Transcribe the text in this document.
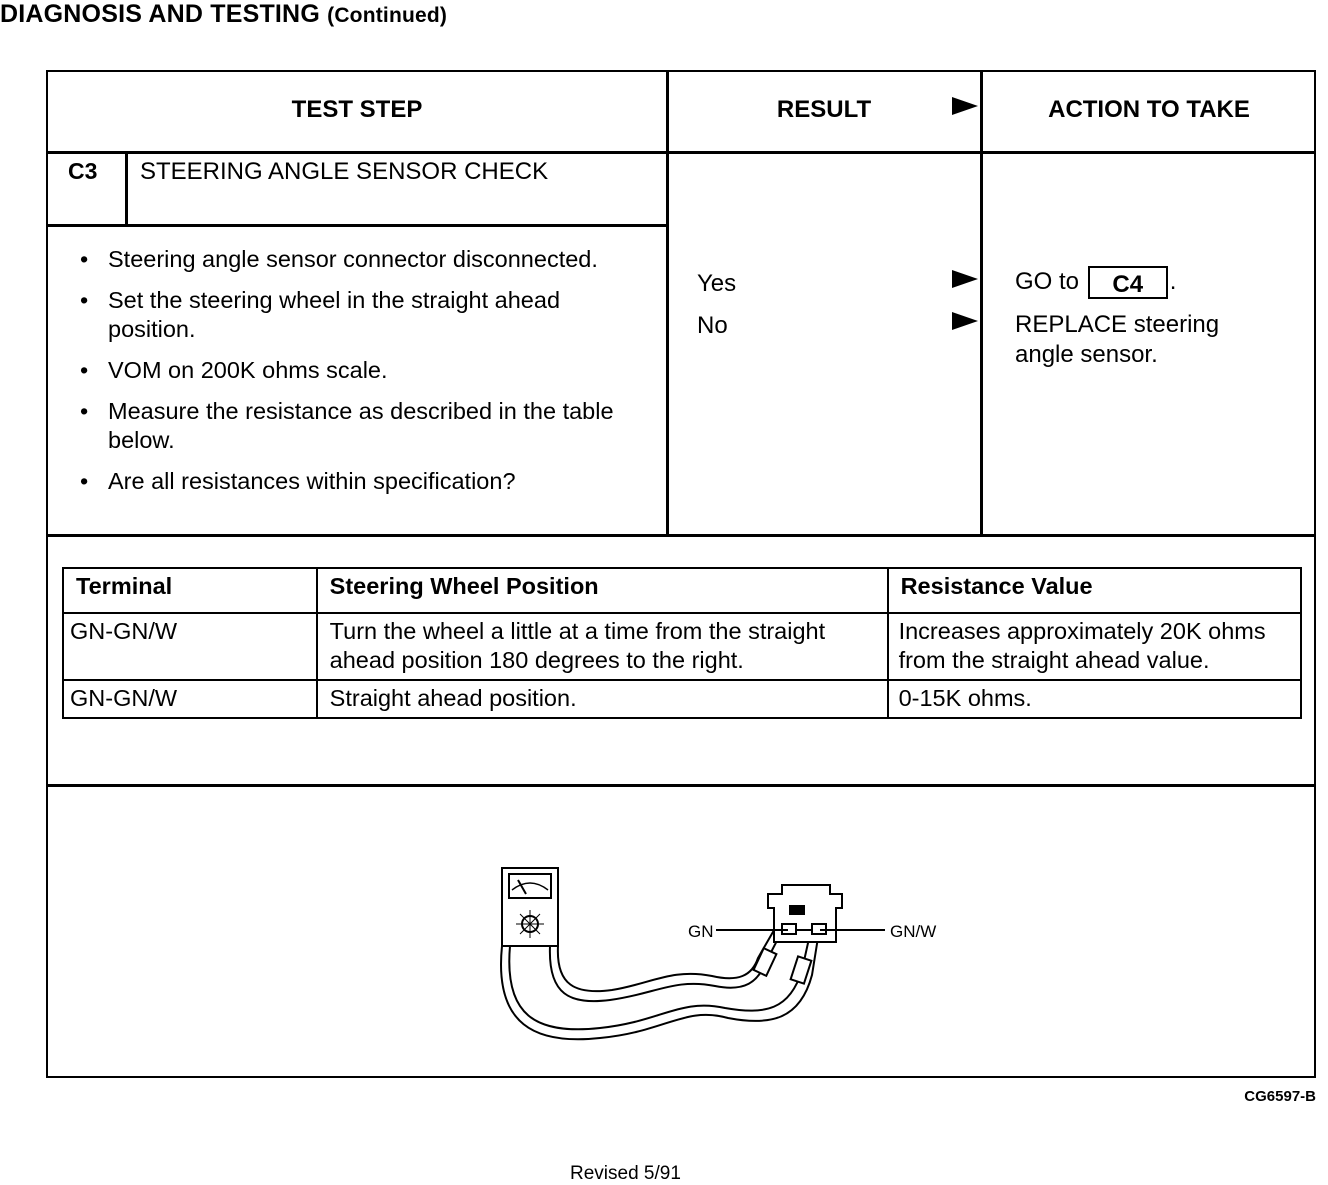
DIAGNOSIS AND TESTING (Continued)
TEST STEP	RESULT	ACTION TO TAKE
C3 STEERING ANGLE SENSOR CHECK
• Steering angle sensor connector disconnected.
• Set the steering wheel in the straight ahead position.
• VOM on 200K ohms scale.
• Measure the resistance as described in the table below.
• Are all resistances within specification?
Yes	GO to C4 .
No	REPLACE steering angle sensor.
Terminal	Steering Wheel Position	Resistance Value
GN-GN/W	Turn the wheel a little at a time from the straight ahead position 180 degrees to the right.	Increases approximately 20K ohms from the straight ahead value.
GN-GN/W	Straight ahead position.	0-15K ohms.
GN	GN/W
CG6597-B
Revised 5/91
